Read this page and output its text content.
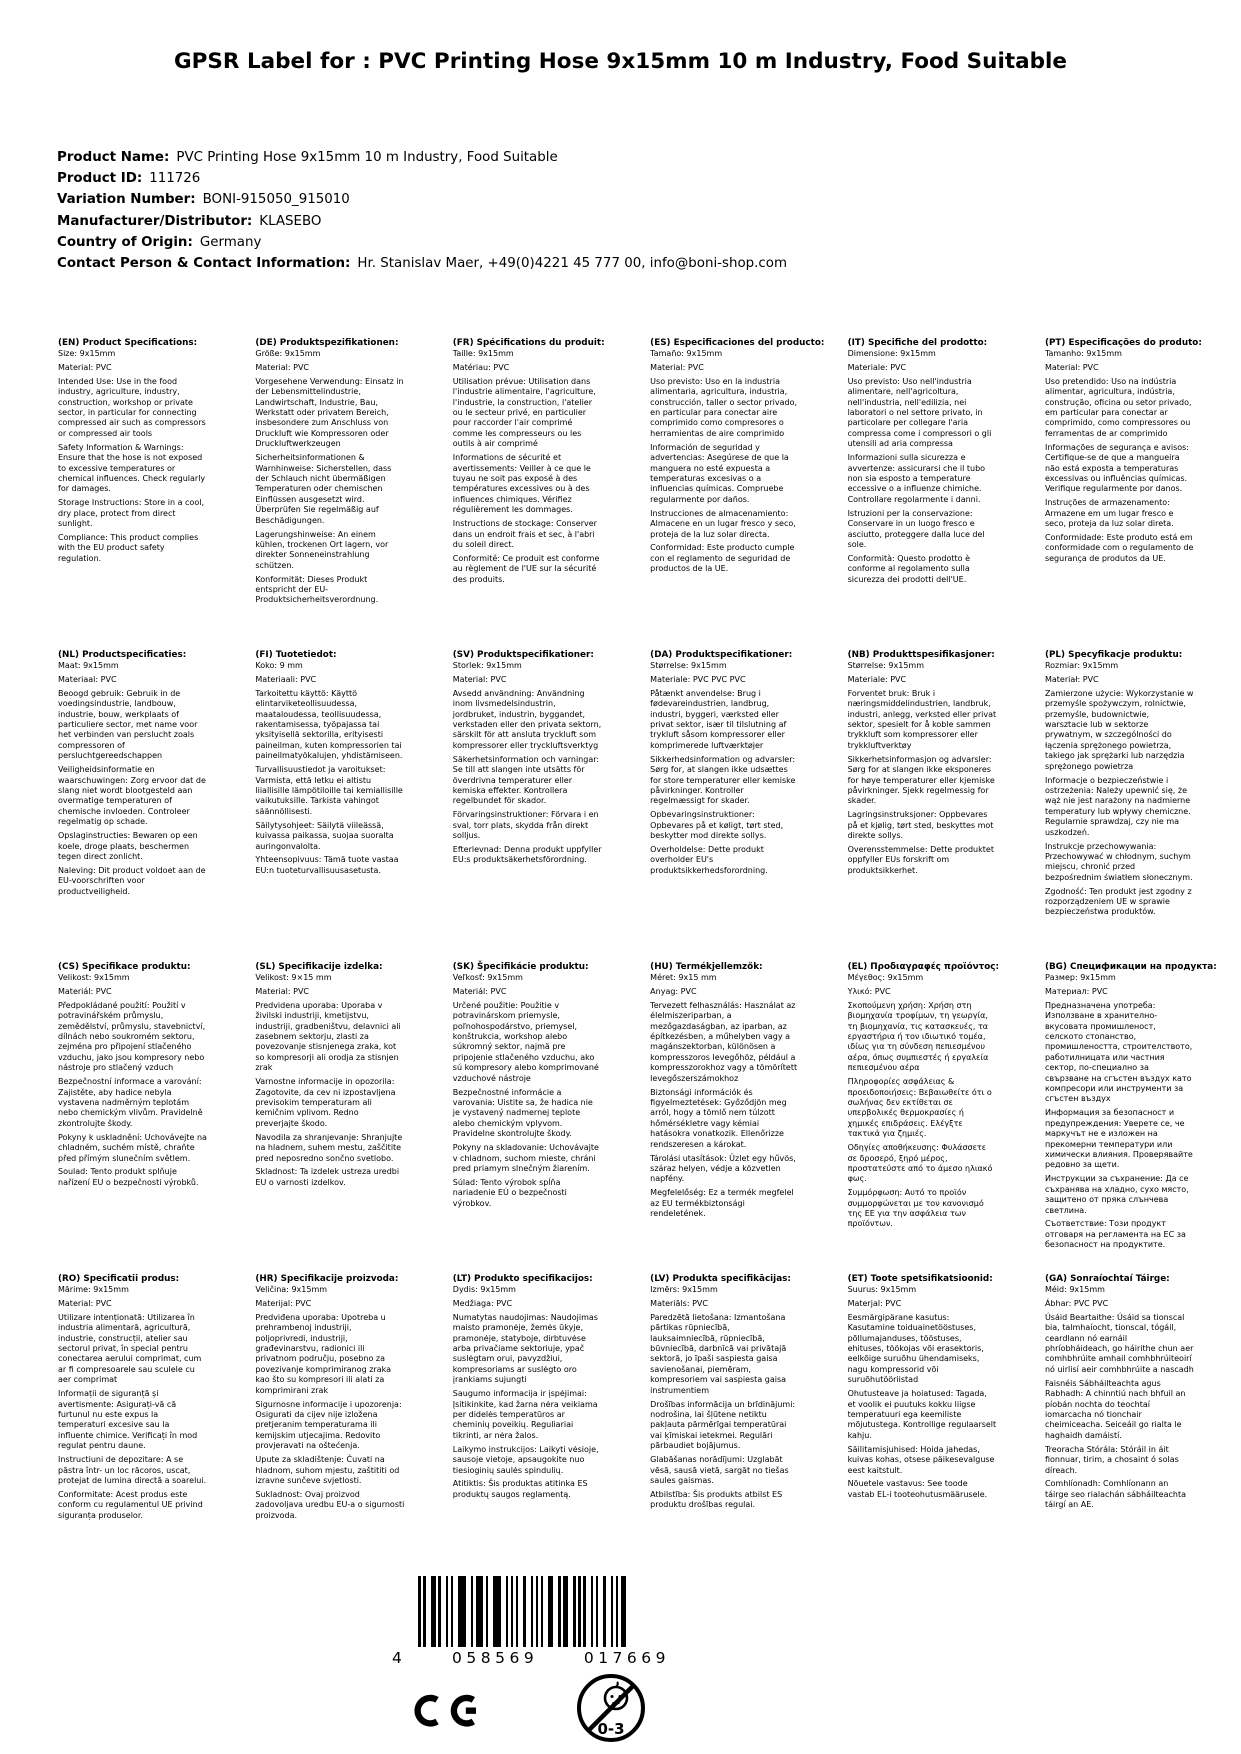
GPSR Label for : PVC Printing Hose 9x15mm 10 m Industry, Food Suitable
Product Name: PVC Printing Hose 9x15mm 10 m Industry, Food Suitable
Product ID: 111726
Variation Number: BONI-915050_915010
Manufacturer/Distributor: KLASEBO
Country of Origin: Germany
Contact Person & Contact Information: Hr. Stanislav Maer, +49(0)4221 45 777 00, info@boni-shop.com
(EN) Product Specifications:
Size: 9x15mm
Material: PVC
Intended Use: Use in the food industry, agriculture, industry, construction, workshop or private sector, in particular for connecting compressed air such as compressors or compressed air tools
Safety Information & Warnings: Ensure that the hose is not exposed to excessive temperatures or chemical influences. Check regularly for damages.
Storage Instructions: Store in a cool, dry place, protect from direct sunlight.
Compliance: This product complies with the EU product safety regulation.
(DE) Produktspezifikationen:
Größe: 9x15mm
Material: PVC
Vorgesehene Verwendung: Einsatz in der Lebensmittelindustrie, Landwirtschaft, Industrie, Bau, Werkstatt oder privatem Bereich, insbesondere zum Anschluss von Druckluft wie Kompressoren oder Druckluftwerkzeugen
Sicherheitsinformationen & Warnhinweise: Sicherstellen, dass der Schlauch nicht übermäßigen Temperaturen oder chemischen Einflüssen ausgesetzt wird. Überprüfen Sie regelmäßig auf Beschädigungen.
Lagerungshinweise: An einem kühlen, trockenen Ort lagern, vor direkter Sonneneinstrahlung schützen.
Konformität: Dieses Produkt entspricht der EU-Produktsicherheitsverordnung.
(FR) Spécifications du produit:
Taille: 9x15mm
Matériau: PVC
Utilisation prévue: Utilisation dans l'industrie alimentaire, l'agriculture, l'industrie, la construction, l'atelier ou le secteur privé, en particulier pour raccorder l'air comprimé comme les compresseurs ou les outils à air comprimé
Informations de sécurité et avertissements: Veiller à ce que le tuyau ne soit pas exposé à des températures excessives ou à des influences chimiques. Vérifiez régulièrement les dommages.
Instructions de stockage: Conserver dans un endroit frais et sec, à l'abri du soleil direct.
Conformité: Ce produit est conforme au règlement de l'UE sur la sécurité des produits.
(ES) Especificaciones del producto:
Tamaño: 9x15mm
Material: PVC
Uso previsto: Uso en la industria alimentaria, agricultura, industria, construcción, taller o sector privado, en particular para conectar aire comprimido como compresores o herramientas de aire comprimido
Información de seguridad y advertencias: Asegúrese de que la manguera no esté expuesta a temperaturas excesivas o a influencias químicas. Compruebe regularmente por daños.
Instrucciones de almacenamiento: Almacene en un lugar fresco y seco, proteja de la luz solar directa.
Conformidad: Este producto cumple con el reglamento de seguridad de productos de la UE.
(IT) Specifiche del prodotto:
Dimensione: 9x15mm
Materiale: PVC
Uso previsto: Uso nell'industria alimentare, nell'agricoltura, nell'industria, nell'edilizia, nei laboratori o nel settore privato, in particolare per collegare l'aria compressa come i compressori o gli utensili ad aria compressa
Informazioni sulla sicurezza e avvertenze: assicurarsi che il tubo non sia esposto a temperature eccessive o a influenze chimiche. Controllare regolarmente i danni.
Istruzioni per la conservazione: Conservare in un luogo fresco e asciutto, proteggere dalla luce del sole.
Conformità: Questo prodotto è conforme al regolamento sulla sicurezza dei prodotti dell'UE.
(PT) Especificações do produto:
Tamanho: 9x15mm
Material: PVC
Uso pretendido: Uso na indústria alimentar, agricultura, indústria, construção, oficina ou setor privado, em particular para conectar ar comprimido, como compressores ou ferramentas de ar comprimido
Informações de segurança e avisos: Certifique-se de que a mangueira não está exposta a temperaturas excessivas ou influências químicas. Verifique regularmente por danos.
Instruções de armazenamento: Armazene em um lugar fresco e seco, proteja da luz solar direta.
Conformidade: Este produto está em conformidade com o regulamento de segurança de produtos da UE.
(NL) Productspecificaties:
Maat: 9x15mm
Materiaal: PVC
Beoogd gebruik: Gebruik in de voedingsindustrie, landbouw, industrie, bouw, werkplaats of particuliere sector, met name voor het verbinden van perslucht zoals compressoren of persluchtgereedschappen
Veiligheidsinformatie en waarschuwingen: Zorg ervoor dat de slang niet wordt blootgesteld aan overmatige temperaturen of chemische invloeden. Controleer regelmatig op schade.
Opslaginstructies: Bewaren op een koele, droge plaats, beschermen tegen direct zonlicht.
Naleving: Dit product voldoet aan de EU-voorschriften voor productveiligheid.
(FI) Tuotetiedot:
Koko: 9 mm
Materiaali: PVC
Tarkoitettu käyttö: Käyttö elintarviketeollisuudessa, maataloudessa, teollisuudessa, rakentamisessa, työpajassa tai yksityisellä sektorilla, erityisesti paineilman, kuten kompressorien tai paineilmatyökalujen, yhdistämiseen.
Turvallisuustiedot ja varoitukset: Varmista, että letku ei altistu liiallisille lämpötiloille tai kemiallisille vaikutuksille. Tarkista vahingot säännöllisesti.
Säilytysohjeet: Säilytä viileässä, kuivassa paikassa, suojaa suoralta auringonvalolta.
Yhteensopivuus: Tämä tuote vastaa EU:n tuoteturvallisuusasetusta.
(SV) Produktspecifikationer:
Storlek: 9x15mm
Material: PVC
Avsedd användning: Användning inom livsmedelsindustrin, jordbruket, industrin, byggandet, verkstaden eller den privata sektorn, särskilt för att ansluta tryckluft som kompressorer eller tryckluftsverktyg
Säkerhetsinformation och varningar: Se till att slangen inte utsätts för överdrivna temperaturer eller kemiska effekter. Kontrollera regelbundet för skador.
Förvaringsinstruktioner: Förvara i en sval, torr plats, skydda från direkt solljus.
Efterlevnad: Denna produkt uppfyller EU:s produktsäkerhetsförordning.
(DA) Produktspecifikationer:
Størrelse: 9x15mm
Materiale: PVC PVC PVC
Påtænkt anvendelse: Brug i fødevareindustrien, landbrug, industri, byggeri, værksted eller privat sektor, især til tilslutning af trykluft såsom kompressorer eller komprimerede luftværktøjer
Sikkerhedsinformation og advarsler: Sørg for, at slangen ikke udsættes for store temperaturer eller kemiske påvirkninger. Kontroller regelmæssigt for skader.
Opbevaringsinstruktioner: Opbevares på et køligt, tørt sted, beskytter mod direkte sollys.
Overholdelse: Dette produkt overholder EU's produktsikkerhedsforordning.
(NB) Produkttspesifikasjoner:
Størrelse: 9x15mm
Materiale: PVC
Forventet bruk: Bruk i næringsmiddelindustrien, landbruk, industri, anlegg, verksted eller privat sektor, spesielt for å koble sammen trykkluft som kompressorer eller trykkluftverktøy
Sikkerhetsinformasjon og advarsler: Sørg for at slangen ikke eksponeres for høye temperaturer eller kjemiske påvirkninger. Sjekk regelmessig for skader.
Lagringsinstruksjoner: Oppbevares på et kjølig, tørt sted, beskyttes mot direkte sollys.
Overensstemmelse: Dette produktet oppfyller EUs forskrift om produktsikkerhet.
(PL) Specyfikacje produktu:
Rozmiar: 9x15mm
Materiał: PVC
Zamierzone użycie: Wykorzystanie w przemyśle spożywczym, rolnictwie, przemyśle, budownictwie, warsztacie lub w sektorze prywatnym, w szczególności do łączenia sprężonego powietrza, takiego jak sprężarki lub narzędzia sprężonego powietrza
Informacje o bezpieczeństwie i ostrzeżenia: Należy upewnić się, że wąż nie jest narażony na nadmierne temperatury lub wpływy chemiczne. Regularnie sprawdzaj, czy nie ma uszkodzeń.
Instrukcje przechowywania: Przechowywać w chłodnym, suchym miejscu, chronić przed bezpośrednim światłem słonecznym.
Zgodność: Ten produkt jest zgodny z rozporządzeniem UE w sprawie bezpieczeństwa produktów.
(CS) Specifikace produktu:
Velikost: 9x15mm
Materiál: PVC
Předpokládané použití: Použití v potravinářském průmyslu, zemědělství, průmyslu, stavebnictví, dílnách nebo soukromém sektoru, zejména pro připojení stlačeného vzduchu, jako jsou kompresory nebo nástroje pro stlačený vzduch
Bezpečnostní informace a varování: Zajistěte, aby hadice nebyla vystavena nadměrným teplotám nebo chemickým vlivům. Pravidelně zkontrolujte škody.
Pokyny k uskladnění: Uchovávejte na chladném, suchém místě, chraňte před přímým slunečním světlem.
Soulad: Tento produkt splňuje nařízení EU o bezpečnosti výrobků.
(SL) Specifikacije izdelka:
Velikost: 9×15 mm
Material: PVC
Predvidena uporaba: Uporaba v živilski industriji, kmetijstvu, industriji, gradbeništvu, delavnici ali zasebnem sektorju, zlasti za povezovanje stisnjenega zraka, kot so kompresorji ali orodja za stisnjen zrak
Varnostne informacije in opozorila: Zagotovite, da cev ni izpostavljena previsokim temperaturam ali kemičnim vplivom. Redno preverjajte škodo.
Navodila za shranjevanje: Shranjujte na hladnem, suhem mestu, zaščitite pred neposredno sončno svetlobo.
Skladnost: Ta izdelek ustreza uredbi EU o varnosti izdelkov.
(SK) Špecifikácie produktu:
Veľkosť: 9x15mm
Materiál: PVC
Určené použitie: Použitie v potravinárskom priemysle, poľnohospodárstvo, priemysel, konštrukcia, workshop alebo súkromný sektor, najmä pre pripojenie stlačeného vzduchu, ako sú kompresory alebo komprimované vzduchové nástroje
Bezpečnostné informácie a varovania: Uistite sa, že hadica nie je vystavený nadmernej teplote alebo chemickým vplyvom. Pravidelne skontrolujte škody.
Pokyny na skladovanie: Uchovávajte v chladnom, suchom mieste, chráni pred priamym slnečným žiarením.
Súlad: Tento výrobok spĺňa nariadenie EÚ o bezpečnosti výrobkov.
(HU) Termékjellemzők:
Méret: 9x15 mm
Anyag: PVC
Tervezett felhasználás: Használat az élelmiszeriparban, a mezőgazdaságban, az iparban, az építkezésben, a műhelyben vagy a magánszektorban, különösen a kompresszoros levegőhöz, például a kompresszorokhoz vagy a tömörített levegőszerszámokhoz
Biztonsági információk és figyelmeztetések: Győződjön meg arról, hogy a tömlő nem túlzott hőmérsékletre vagy kémiai hatásokra vonatkozik. Ellenőrizze rendszeresen a károkat.
Tárolási utasítások: Üzlet egy hűvös, száraz helyen, védje a közvetlen napfény.
Megfelelőség: Ez a termék megfelel az EU termékbiztonsági rendeletének.
(EL) Προδιαγραφές προϊόντος:
Μέγεθος: 9x15mm
Υλικό: PVC
Σκοπούμενη χρήση: Χρήση στη βιομηχανία τροφίμων, τη γεωργία, τη βιομηχανία, τις κατασκευές, τα εργαστήρια ή τον ιδιωτικό τομέα, ιδίως για τη σύνδεση πεπιεσμένου αέρα, όπως συμπιεστές ή εργαλεία πεπιεσμένου αέρα
Πληροφορίες ασφάλειας & προειδοποιήσεις: Βεβαιωθείτε ότι ο σωλήνας δεν εκτίθεται σε υπερβολικές θερμοκρασίες ή χημικές επιδράσεις. Ελέγξτε τακτικά για ζημιές.
Οδηγίες αποθήκευσης: Φυλάσσετε σε δροσερό, ξηρό μέρος, προστατεύστε από το άμεσο ηλιακό φως.
Συμμόρφωση: Αυτό το προϊόν συμμορφώνεται με τον κανονισμό της ΕΕ για την ασφάλεια των προϊόντων.
(BG) Спецификации на продукта:
Размер: 9x15mm
Материал: PVC
Предназначена употреба: Използване в хранително-вкусовата промишленост, селското стопанство, промишлеността, строителството, работилницата или частния сектор, по-специално за свързване на сгъстен въздух като компресори или инструменти за сгъстен въздух
Информация за безопасност и предупреждения: Уверете се, че маркучът не е изложен на прекомерни температури или химически влияния. Проверявайте редовно за щети.
Инструкции за съхранение: Да се съхранява на хладно, сухо място, защитено от пряка слънчева светлина.
Съответствие: Този продукт отговаря на регламента на ЕС за безопасност на продуктите.
(RO) Specificatii produs:
Mărime: 9x15mm
Material: PVC
Utilizare intenționată: Utilizarea în industria alimentară, agricultură, industrie, construcții, atelier sau sectorul privat, în special pentru conectarea aerului comprimat, cum ar fi compresoarele sau sculele cu aer comprimat
Informații de siguranță și avertismente: Asigurați-vă că furtunul nu este expus la temperaturi excesive sau la influente chimice. Verificați în mod regulat pentru daune.
Instructiuni de depozitare: A se păstra într- un loc răcoros, uscat, protejat de lumina directă a soarelui.
Conformitate: Acest produs este conform cu regulamentul UE privind siguranța produselor.
(HR) Specifikacije proizvoda:
Veličina: 9x15mm
Materijal: PVC
Predviđena uporaba: Upotreba u prehrambenoj industriji, poljoprivredi, industriji, građevinarstvu, radionici ili privatnom području, posebno za povezivanje komprimiranog zraka kao što su kompresori ili alati za komprimirani zrak
Sigurnosne informacije i upozorenja: Osigurati da cijev nije izložena pretjeranim temperaturama ili kemijskim utjecajima. Redovito provjeravati na oštećenja.
Upute za skladištenje: Čuvati na hladnom, suhom mjestu, zaštititi od izravne sunčeve svjetlosti.
Sukladnost: Ovaj proizvod zadovoljava uredbu EU-a o sigurnosti proizvoda.
(LT) Produkto specifikacijos:
Dydis: 9x15mm
Medžiaga: PVC
Numatytas naudojimas: Naudojimas maisto pramonėje, žemės ūkyje, pramonėje, statyboje, dirbtuvėse arba privačiame sektoriuje, ypač suslėgtam orui, pavyzdžiui, kompresoriams ar suslėgto oro įrankiams sujungti
Saugumo informacija ir įspėjimai: Įsitikinkite, kad žarna nėra veikiama per didelės temperatūros ar cheminių poveikių. Reguliariai tikrinti, ar nėra žalos.
Laikymo instrukcijos: Laikyti vėsioje, sausoje vietoje, apsaugokite nuo tiesioginių saulės spindulių.
Atitiktis: Šis produktas atitinka ES produktų saugos reglamentą.
(LV) Produkta specifikācijas:
Izmērs: 9x15mm
Materiāls: PVC
Paredzētā lietošana: Izmantošana pārtikas rūpniecībā, lauksaimniecībā, rūpniecībā, būvniecībā, darbnīcā vai privātajā sektorā, jo īpaši saspiesta gaisa savienošanai, piemēram, kompresoriem vai saspiesta gaisa instrumentiem
Drošības informācija un brīdinājumi: nodrošina, lai šļūtene netiktu pakļauta pārmērīgai temperatūrai vai ķīmiskai ietekmei. Regulāri pārbaudiet bojājumus.
Glabāšanas norādījumi: Uzglabāt vēsā, sausā vietā, sargāt no tiešas saules gaismas.
Atbilstība: Šis produkts atbilst ES produktu drošības regulai.
(ET) Toote spetsifikatsioonid:
Suurus: 9x15mm
Materjal: PVC
Eesmärgipärane kasutus: Kasutamine toiduainetööstuses, põllumajanduses, tööstuses, ehituses, töökojas või erasektoris, eelkõige suruõhu ühendamiseks, nagu kompressorid või suruõhutööriistad
Ohutusteave ja hoiatused: Tagada, et voolik ei puutuks kokku liigse temperatuuri ega keemiliste mõjutustega. Kontrollige regulaarselt kahju.
Säilitamisjuhised: Hoida jahedas, kuivas kohas, otsese päikesevalguse eest kaitstult.
Nõuetele vastavus: See toode vastab EL-i tooteohutusmäärusele.
(GA) Sonraíochtaí Táirge:
Méid: 9x15mm
Ábhar: PVC PVC
Úsáid Beartaithe: Úsáid sa tionscal bia, talmhaíocht, tionscal, tógáil, ceardlann nó earnáil phríobháideach, go háirithe chun aer comhbhrúite amhail comhbhrúiteoirí nó uirlisí aeir comhbhrúite a nascadh
Faisnéis Sábháilteachta agus Rabhadh: A chinntiú nach bhfuil an píobán nochta do teochtaí iomarcacha nó tionchair cheimiceacha. Seiceáil go rialta le haghaidh damáistí.
Treoracha Stórála: Stóráil in áit fionnuar, tirim, a chosaint ó solas díreach.
Comhlíonadh: Comhlíonann an táirge seo rialachán sábháilteachta táirgí an AE.
4	058569	017669
0-3
